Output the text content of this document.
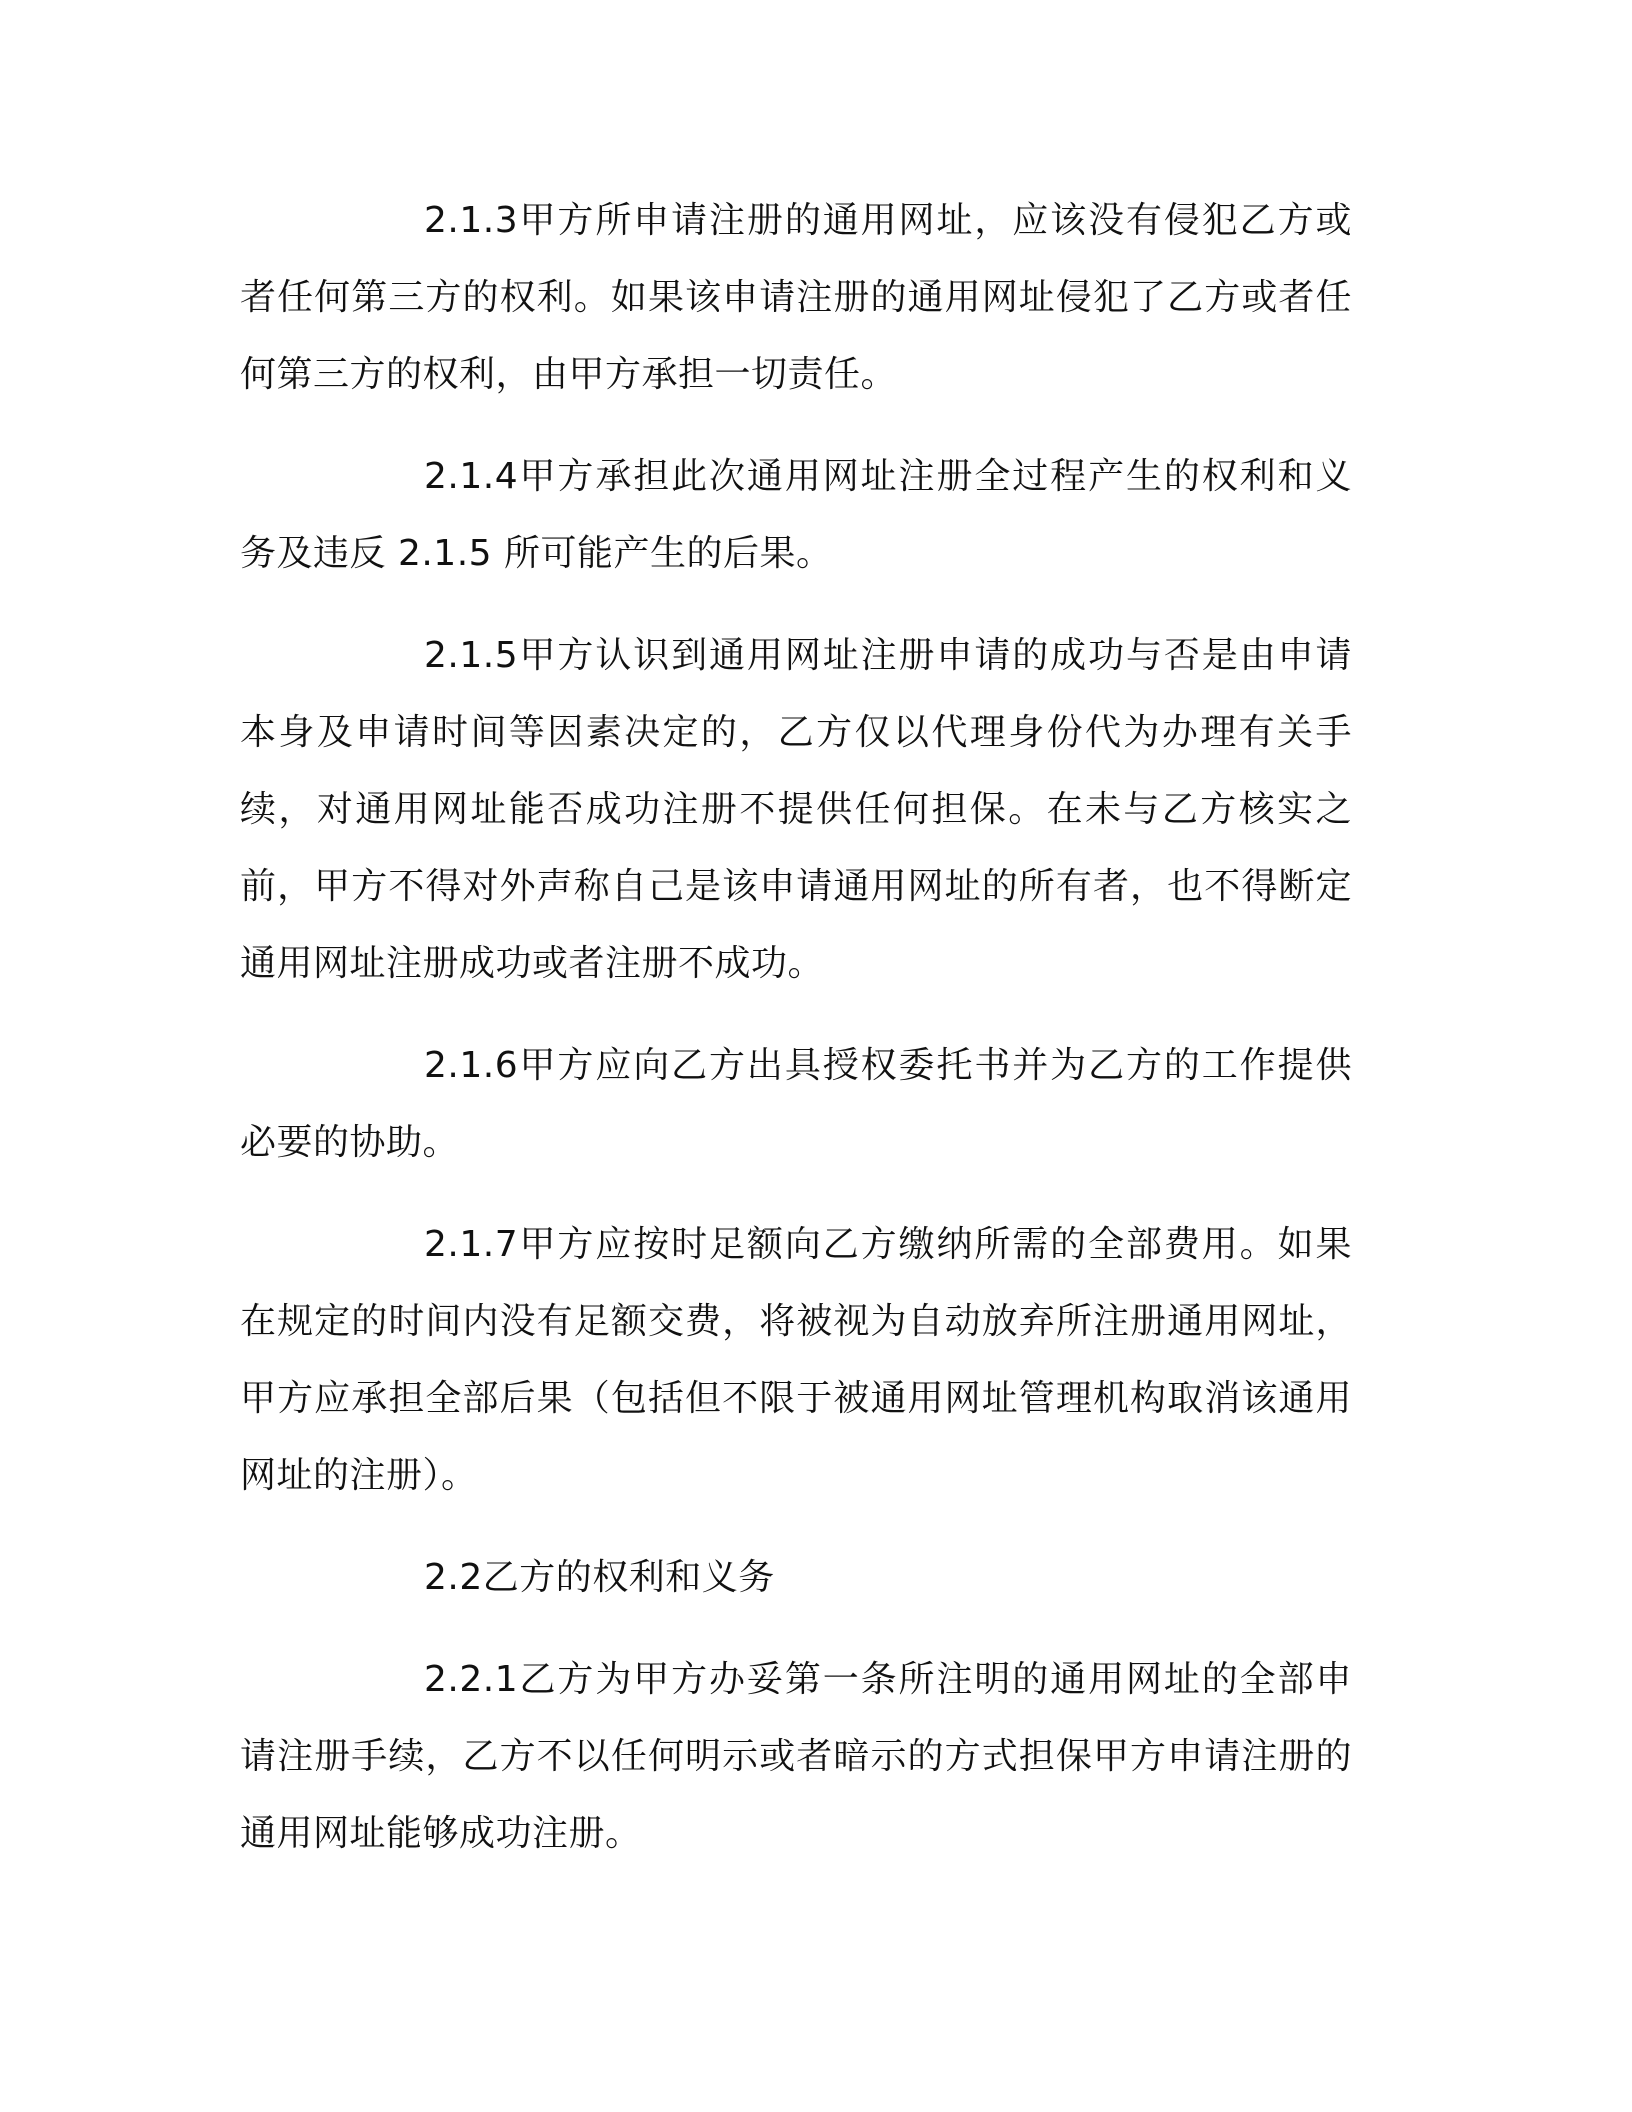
2.1.3甲方所申请注册的通用网址，应该没有侵犯乙方或者任何第三方的权利。如果该申请注册的通用网址侵犯了乙方或者任何第三方的权利，由甲方承担一切责任。

2.1.4甲方承担此次通用网址注册全过程产生的权利和义务及违反 2.1.5 所可能产生的后果。

2.1.5甲方认识到通用网址注册申请的成功与否是由申请本身及申请时间等因素决定的，乙方仅以代理身份代为办理有关手续，对通用网址能否成功注册不提供任何担保。在未与乙方核实之前，甲方不得对外声称自己是该申请通用网址的所有者，也不得断定通用网址注册成功或者注册不成功。

2.1.6甲方应向乙方出具授权委托书并为乙方的工作提供必要的协助。

2.1.7甲方应按时足额向乙方缴纳所需的全部费用。如果在规定的时间内没有足额交费，将被视为自动放弃所注册通用网址，甲方应承担全部后果（包括但不限于被通用网址管理机构取消该通用网址的注册）。

2.2乙方的权利和义务

2.2.1乙方为甲方办妥第一条所注明的通用网址的全部申请注册手续，乙方不以任何明示或者暗示的方式担保甲方申请注册的通用网址能够成功注册。
